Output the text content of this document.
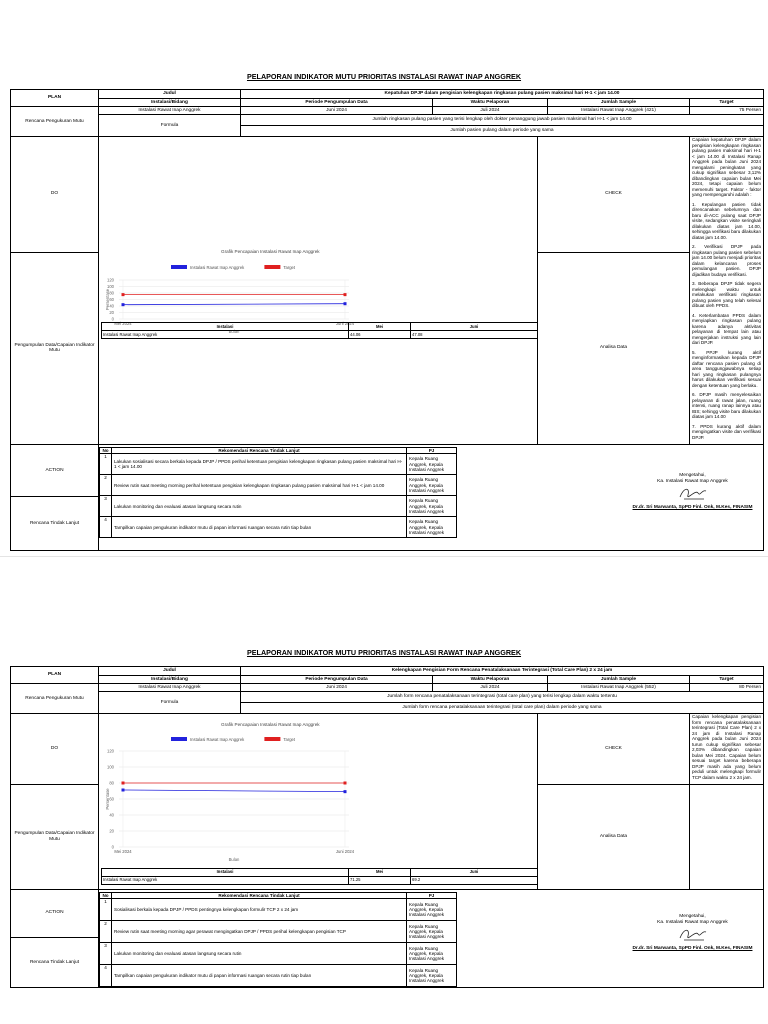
PELAPORAN INDIKATOR MUTU PRIORITAS INSTALASI RAWAT INAP ANGGREK
PLAN	Judul	Kepatuhan DPJP dalam pengisian kelengkapan ringkasan pulang pasien maksimal hari H-1 < jam 14.00
Instalasi/Bidang	Periode Pengumpulan Data	Waktu Pelaporan	Jumlah Sample	Target
Rencana Pengukuran Mutu	Instalasi Rawat Inap Anggrek	Juni 2024	Juli 2024	Instalasi Rawat Inap Anggrek (421)	75 Persen
Formula	Jumlah ringkasan pulang pasien yang terisi lengkap oleh dokter penanggung jawab pasien maksimal hari H-1 < jam 14.00
Jumlah pasien pulang dalam periode yang sama
DO	
Grafik Pencapaian Instalasi Rawat Inap Anggrek
Instalasi Rawat Inap Anggrek	Target
0
20
40
60
80
100
120
Mei 2024	Juni 2024
Persentase
Bulan
Instalasi	Mei	Juni
Instalasi Rawat Inap Anggrek	44.06	47.08
	CHECK	

Capaian kepatuhan DPJP dalam pengisian kelengkapan ringkasan pulang pasien maksimal hari H-1 < jam 14.00 di Instalasi Ranap Anggrek pada bulan Juni 2024 mengalami peningkatan yang cukup signifikan sebesar 3,12% dibandingkan capaian bulan Mei 2024, tetapi capaian belum memenuhi target. Faktor - faktor yang mempengaruhi adalah :

1. Kepulangan pasien tidak direncanakan sebelumnya dan baru di-ACC pulang saat DPJP visite, sedangkan visite seringkali dilakukan diatas jam 14.00, sehingga verifikasi baru dilakukan diatas jam 14.00.

2. Verifikasi DPJP pada ringkasan pulang pasien sebelum jam 14.00 belum menjadi prioritas dalam kelancaran proses pemulangan pasien. DPJP dijadikan budaya verifikasi.

3. Beberapa DPJP tidak segera melengkapi waktu untuk melakukan verifikasi ringkasan pulang pasien yang telah selesai dibuat oleh PPDS.

4. Keterlambatan PPDS dalam menyiapkan ringkasan pulang karena adanya aktivitas pelayanan di tempat lain atau mengerjakan instruksi yang lain dari DPJP.

5. PPJP kurang aktif menginformasikan kepada DPJP daftar rencana pasien pulang di area tanggungjawabnya setiap hari yang ringkasan pulangnya harus dilakukan verifikasi sesuai dengan ketentuan yang berlaku.

6. DPJP masih menyelesaikan pelayanan di rawat jalan, ruang intensi, ruang ranap lainnya atau IBS; sehingg visite baru dilakukan diatas jam 14.00

7. PPDS kurang aktif dalam mengingatkan visite dan verifikasi DPJP.

Pengumpulan Data/Capaian Indikator Mutu	Analisa Data
ACTION	
No	Rekomendasi Rencana Tindak Lanjut	PJ
1	Lakukan sosialisasi secara berkala kepada DPJP / PPDS perihal ketentuan pengisian kelengkapan ringkasan pulang pasien maksimal hari H-1 < jam 14.00	Kepala Ruang Anggrek, Kepala Instalasi Anggrek
2	Review rutin saat meeting morning perihal ketentuan pengisian kelengkapan ringkasan pulang pasien maksimal hari H-1 < jam 14.00	Kepala Ruang Anggrek, Kepala Instalasi Anggrek
3	Lakukan monitoring dan evaluasi atasan langsung secara rutin	Kepala Ruang Anggrek, Kepala Instalasi Anggrek
4	Tampilkan capaian pengukuran indikator mutu di papan informasi ruangan secara rutin tiap bulan	Kepala Ruang Anggrek, Kepala Instalasi Anggrek

Mengetahui,
Ka. Instalasi Rawat Inap Anggrek
Dr.dr. Sri Marwanta, SpPD Finl. Onk, M.Kes, FINASIM

Rencana Tindak Lanjut
PELAPORAN INDIKATOR MUTU PRIORITAS INSTALASI RAWAT INAP ANGGREK
PLAN	Judul	Kelengkapan Pengisian Form Rencana Penatalaksanaan Terintegrasi (Total Care Plan) 2 x 24 jam
Instalasi/Bidang	Periode Pengumpulan Data	Waktu Pelaporan	Jumlah Sample	Target
Rencana Pengukuran Mutu	Instalasi Rawat Inap Anggrek	Juni 2024	Juli 2024	Instalasi Rawat Inap Anggrek (552)	80 Persen
Formula	Jumlah form rencana penatalaksanaan terintegrasi (total care plan) yang terisi lengkap dalam waktu tertentu
Jumlah form rencana penatalaksanaan terintegrasi (total care plan) dalam periode yang sama
DO	
Grafik Pencapaian Instalasi Rawat Inap Anggrek
Instalasi Rawat Inap Anggrek	Target
0
20
40
60
80
100
120
Mei 2024	Juni 2024
Persentase
Bulan
Instalasi	Mei	Juni
Instalasi Rawat Inap Anggrek	71.25	69.2
	CHECK	

Capaian kelengkapan pengisian form rencana penatalaksanaan terintegrasi (Total Care Plan) 2 x 24 jam di Instalasi Ranap Anggrek pada bulan Juni 2024 turun cukup signifikan sebesar 2,03% dibandingkan capaian bulan Mei 2024. Capaian belum sesuai target karena beberapa DPJP masih ada yang belum peduli untuk melengkapi formulir TCP dalam waktu 2 x 24 jam.

Pengumpulan Data/Capaian Indikator Mutu	Analisa Data	
ACTION	
No	Rekomendasi Rencana Tindak Lanjut	PJ
1	Sosialisasi berkala kepada DPJP / PPDS pentingnya kelengkapan formulir TCP 2 x 24 jam	Kepala Ruang Anggrek, Kepala Instalasi Anggrek
2	Review rutin saat meeting morning agar perawat mengingatkan DPJP / PPDS perihal kelengkapan pengisian TCP	Kepala Ruang Anggrek, Kepala Instalasi Anggrek
3	Lakukan monitoring dan evaluasi atasan langsung secara rutin	Kepala Ruang Anggrek, Kepala Instalasi Anggrek
4	Tampilkan capaian pengukuran indikator mutu di papan informasi ruangan secara rutin tiap bulan	Kepala Ruang Anggrek, Kepala Instalasi Anggrek

Mengetahui,
Ka. Instalasi Rawat Inap Anggrek
Dr.dr. Sri Marwanta, SpPD Finl. Onk, M.Kes, FINASIM

Rencana Tindak Lanjut
